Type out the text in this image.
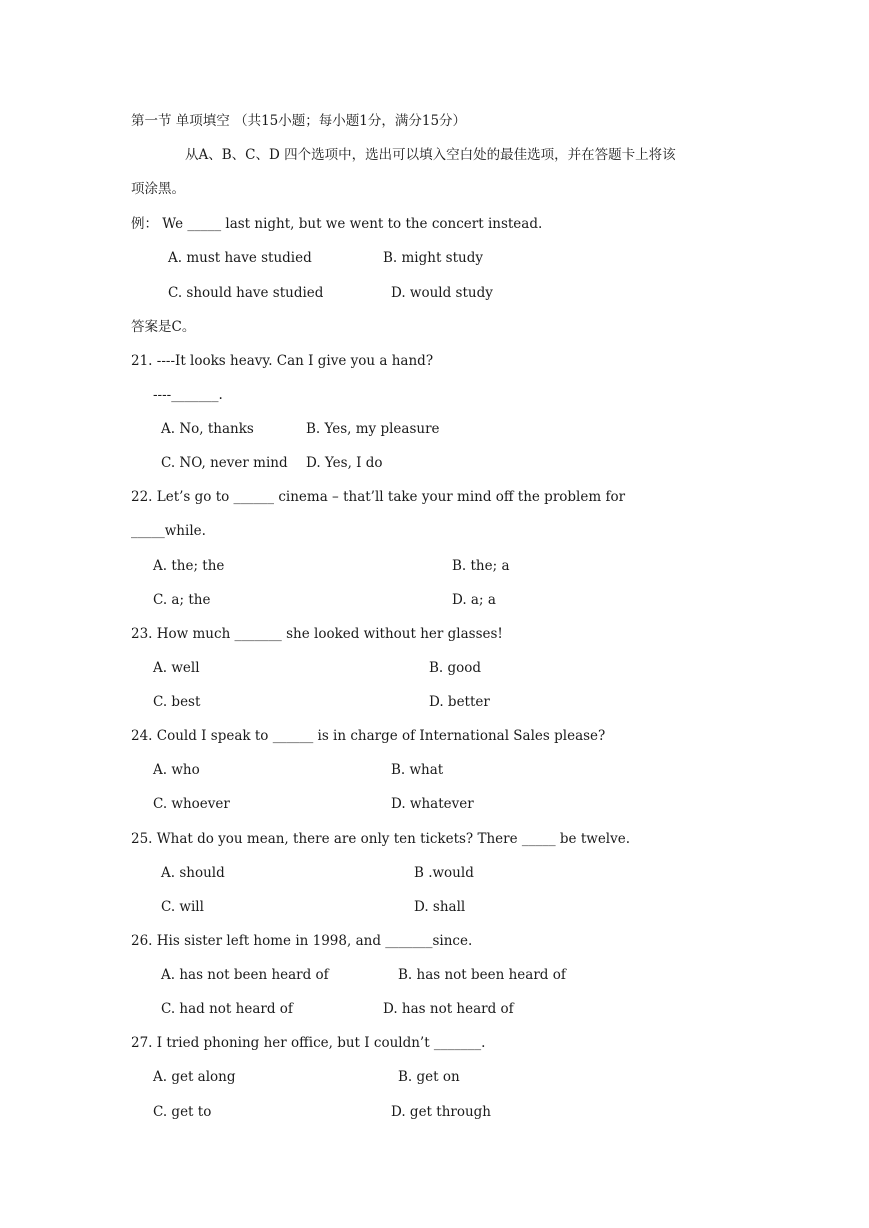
第一节 单项填空 （共15小题；每小题1分，满分15分）
从A、B、C、D 四个选项中，选出可以填入空白处的最佳选项，并在答题卡上将该
项涂黑。
例： We _____ last night, but we went to the concert instead.
A. must have studied	B. might study
C. should have studied	D. would study
答案是C。
21. ----It looks heavy. Can I give you a hand?
----_______.
A. No, thanks	B. Yes, my pleasure
C. NO, never mind D. Yes, I do
22. Let’s go to ______ cinema – that’ll take your mind off the problem for
_____while.
A. the; the	B. the; a
C. a; the	D. a; a
23. How much _______ she looked without her glasses!
A. well	B. good
C. best	D. better
24. Could I speak to ______ is in charge of International Sales please?
A. who	B. what
C. whoever	D. whatever
25. What do you mean, there are only ten tickets? There _____ be twelve.
A. should	B .would
C. will	D. shall
26. His sister left home in 1998, and _______since.
A. has not been heard of	B. has not been heard of
C. had not heard of	D. has not heard of
27. I tried phoning her office, but I couldn’t _______.
A. get along	B. get on
C. get to	D. get through
